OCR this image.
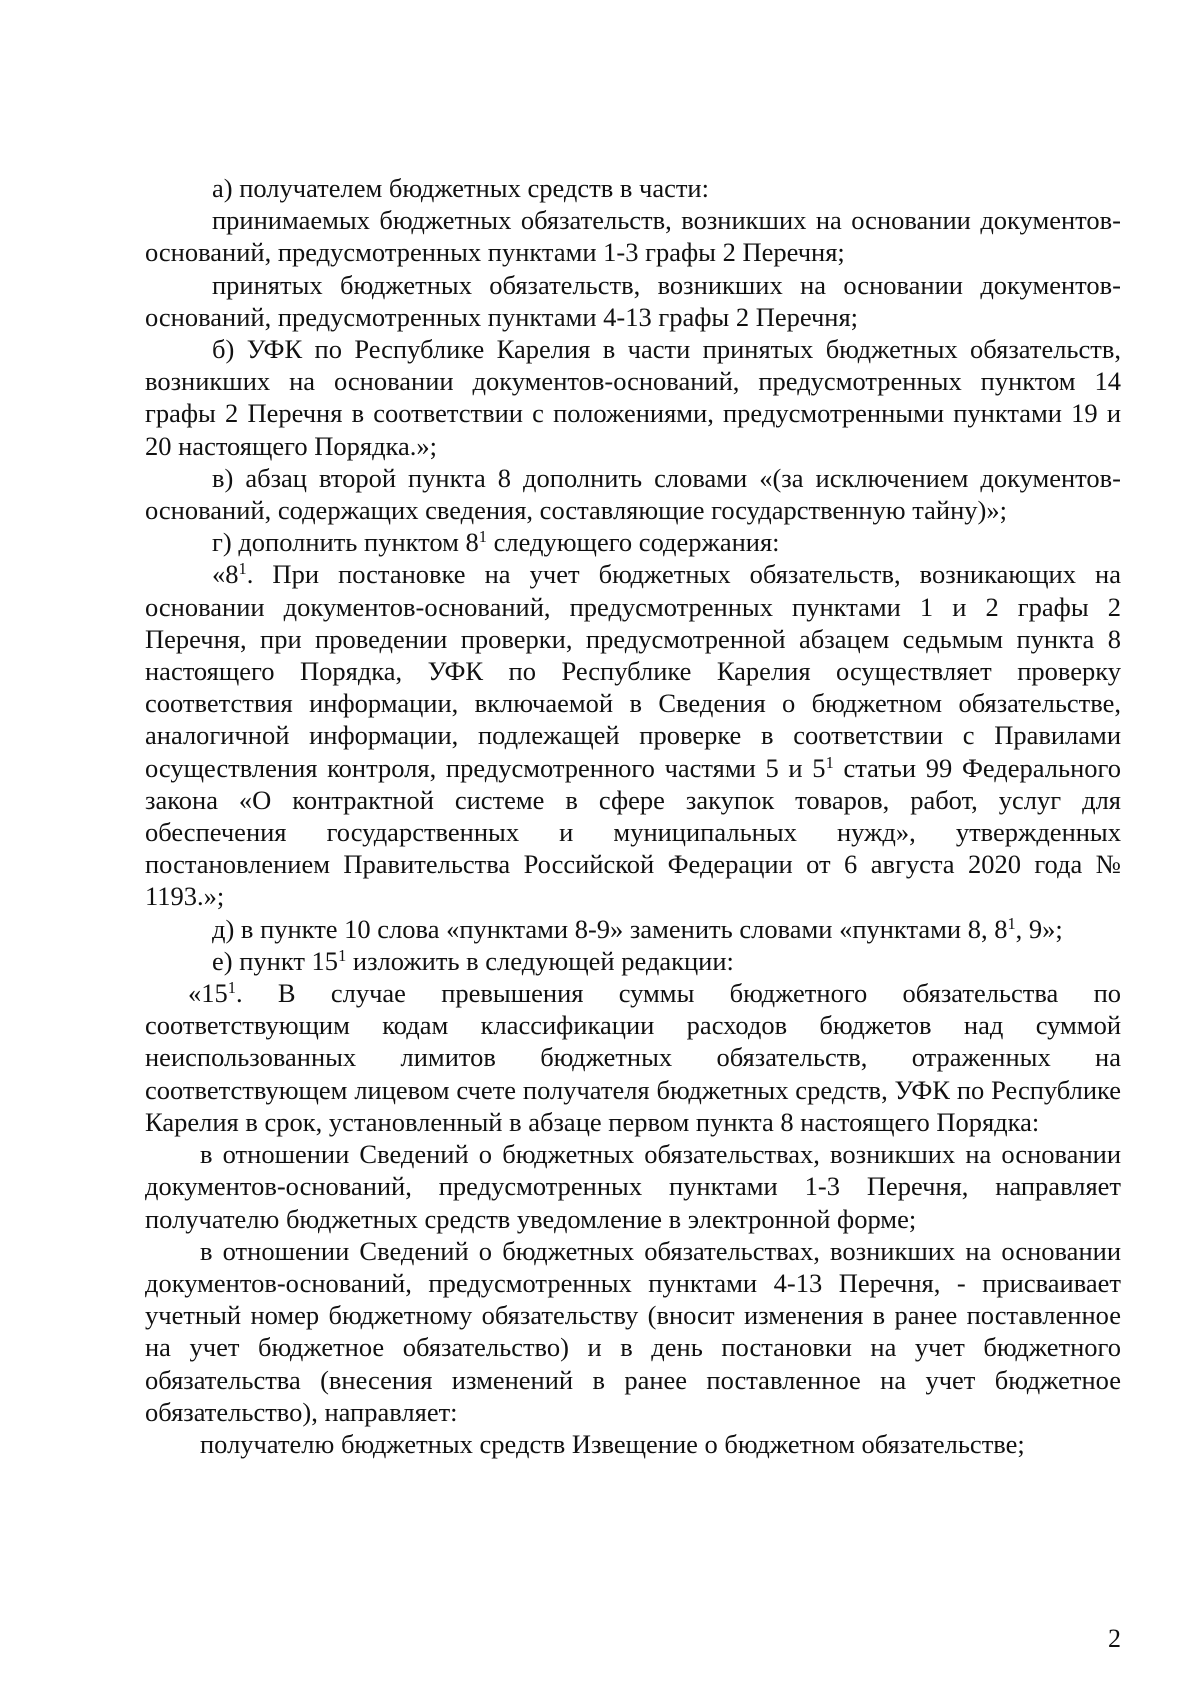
а) получателем бюджетных средств в части:

принимаемых бюджетных обязательств, возникших на основании документов-оснований, предусмотренных пунктами 1-3 графы 2 Перечня;

принятых бюджетных обязательств, возникших на основании документов-оснований, предусмотренных пунктами 4-13 графы 2 Перечня;

б) УФК по Республике Карелия в части принятых бюджетных обязательств, возникших на основании документов-оснований, предусмотренных пунктом 14 графы 2 Перечня в соответствии с положениями, предусмотренными пунктами 19 и 20 настоящего Порядка.»;

в) абзац второй пункта 8 дополнить словами «(за исключением документов-оснований, содержащих сведения, составляющие государственную тайну)»;

г) дополнить пунктом $8^1$ следующего содержания:

«$8^1$. При постановке на учет бюджетных обязательств, возникающих на основании документов-оснований, предусмотренных пунктами 1 и 2 графы 2 Перечня, при проведении проверки, предусмотренной абзацем седьмым пункта 8 настоящего Порядка, УФК по Республике Карелия осуществляет проверку соответствия информации, включаемой в Сведения о бюджетном обязательстве, аналогичной информации, подлежащей проверке в соответствии с Правилами осуществления контроля, предусмотренного частями 5 и $5^1$ статьи 99 Федерального закона «О контрактной системе в сфере закупок товаров, работ, услуг для обеспечения государственных и муниципальных нужд», утвержденных постановлением Правительства Российской Федерации от 6 августа 2020 года № 1193.»;

д) в пункте 10 слова «пунктами 8-9» заменить словами «пунктами 8, $8^1$, 9»;

е) пункт $15^1$ изложить в следующей редакции:

«$15^1$. В случае превышения суммы бюджетного обязательства по соответствующим кодам классификации расходов бюджетов над суммой неиспользованных лимитов бюджетных обязательств, отраженных на соответствующем лицевом счете получателя бюджетных средств, УФК по Республике Карелия в срок, установленный в абзаце первом пункта 8 настоящего Порядка:

в отношении Сведений о бюджетных обязательствах, возникших на основании документов-оснований, предусмотренных пунктами 1-3 Перечня, направляет получателю бюджетных средств уведомление в электронной форме;

в отношении Сведений о бюджетных обязательствах, возникших на основании документов-оснований, предусмотренных пунктами 4-13 Перечня, - присваивает учетный номер бюджетному обязательству (вносит изменения в ранее поставленное на учет бюджетное обязательство) и в день постановки на учет бюджетного обязательства (внесения изменений в ранее поставленное на учет бюджетное обязательство), направляет:

получателю бюджетных средств Извещение о бюджетном обязательстве;

2
